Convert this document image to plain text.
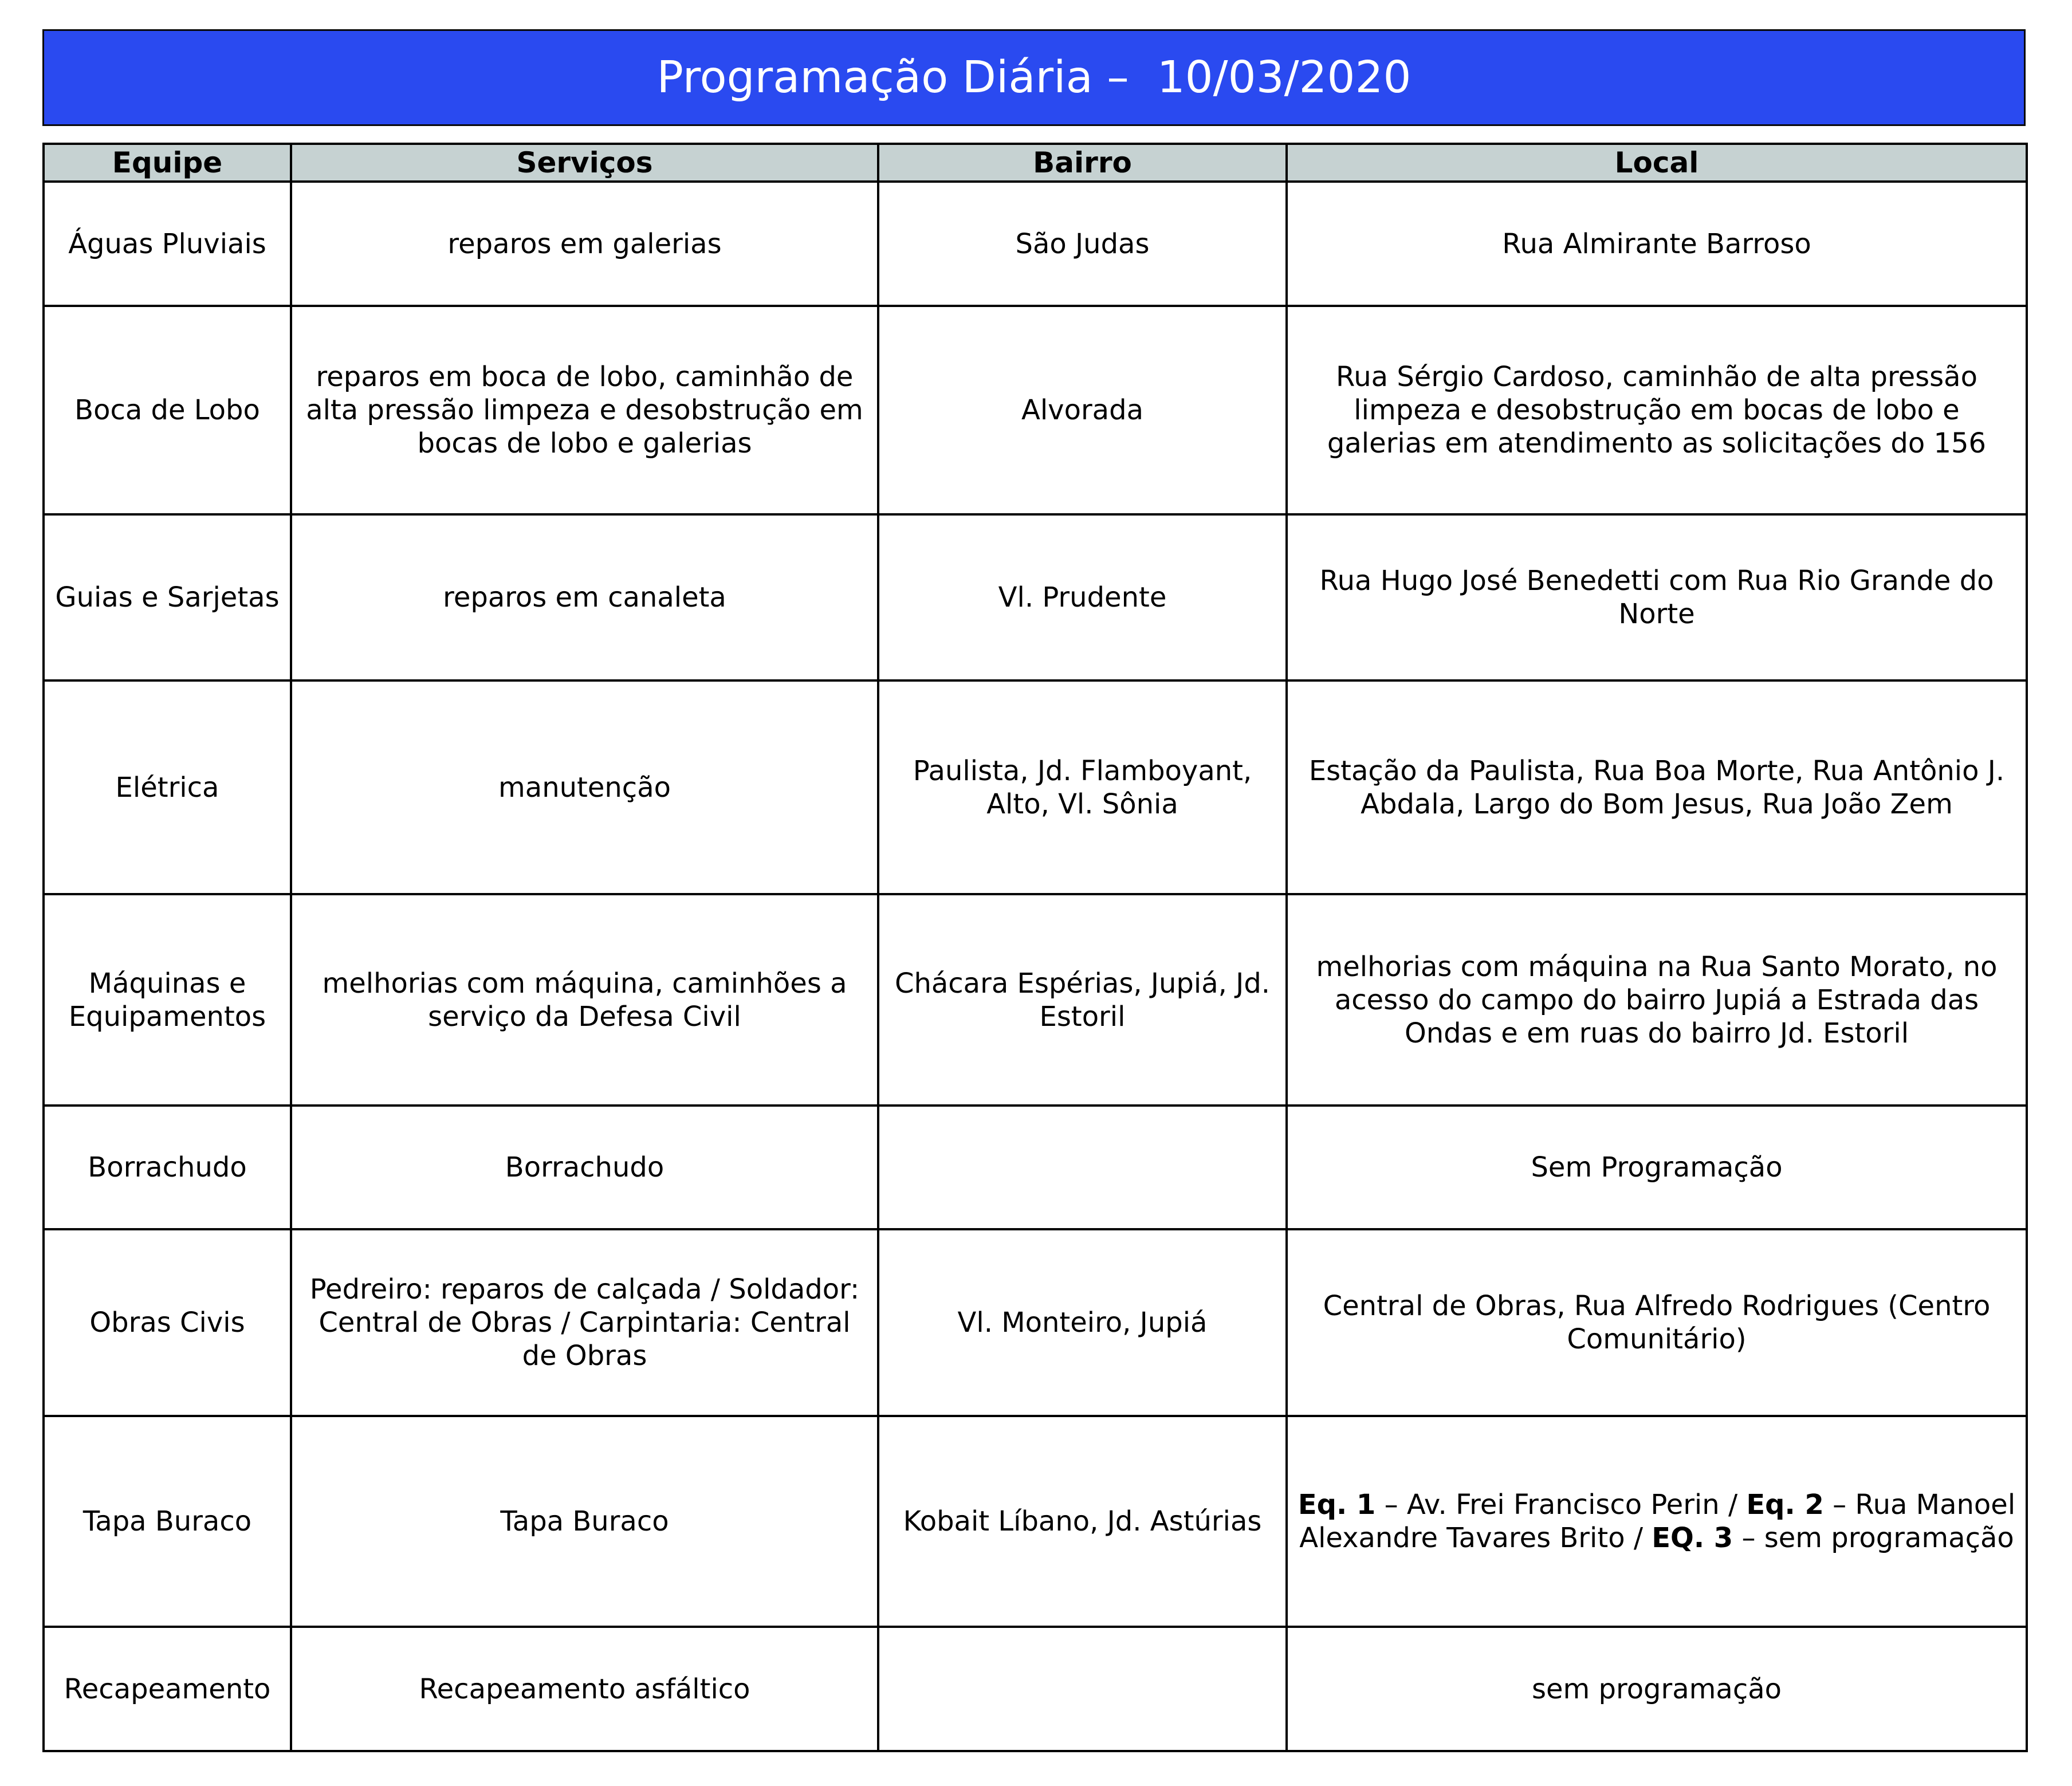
Programação Diária –  10/03/2020
Equipe	Serviços	Bairro	Local
Águas Pluviais	reparos em galerias	São Judas	Rua Almirante Barroso
Boca de Lobo	reparos em boca de lobo, caminhão de alta pressão limpeza e desobstrução em bocas de lobo e galerias	Alvorada	Rua Sérgio Cardoso, caminhão de alta pressão limpeza e desobstrução em bocas de lobo e galerias em atendimento as solicitações do 156
Guias e Sarjetas	reparos em canaleta	Vl. Prudente	Rua Hugo José Benedetti com Rua Rio Grande do Norte
Elétrica	manutenção	Paulista, Jd. Flamboyant, Alto, Vl. Sônia	Estação da Paulista, Rua Boa Morte, Rua Antônio J. Abdala, Largo do Bom Jesus, Rua João Zem
Máquinas e Equipamentos	melhorias com máquina, caminhões a serviço da Defesa Civil	Chácara Espérias, Jupiá, Jd. Estoril	melhorias com máquina na Rua Santo Morato, no acesso do campo do bairro Jupiá a Estrada das Ondas e em ruas do bairro Jd. Estoril
Borrachudo	Borrachudo		Sem Programação
Obras Civis	Pedreiro: reparos de calçada / Soldador: Central de Obras / Carpintaria: Central de Obras	Vl. Monteiro, Jupiá	Central de Obras, Rua Alfredo Rodrigues (Centro Comunitário)
Tapa Buraco	Tapa Buraco	Kobait Líbano, Jd. Astúrias	Eq. 1 – Av. Frei Francisco Perin / Eq. 2 – Rua Manoel Alexandre Tavares Brito / EQ. 3 – sem programação
Recapeamento	Recapeamento asfáltico		sem programação
